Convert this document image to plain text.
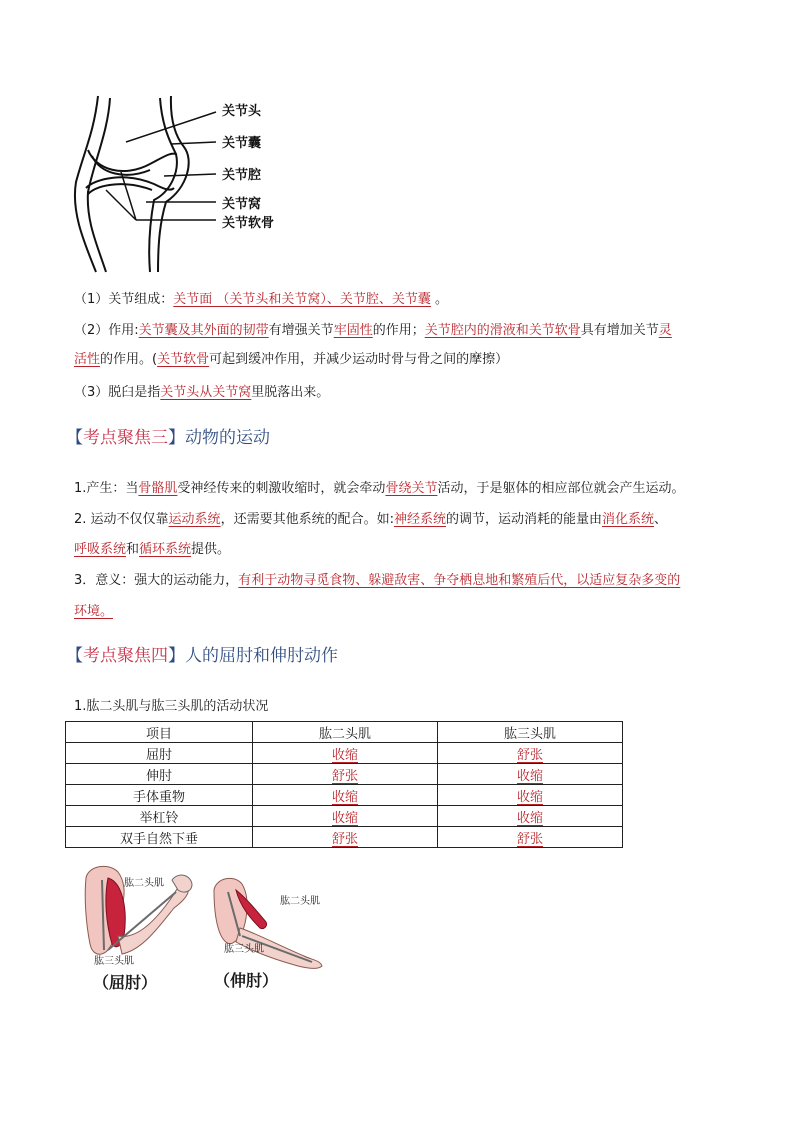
关节头
关节囊
关节腔
关节窝
关节软骨
（1）关节组成：关节面 （关节头和关节窝）、关节腔、关节囊 。
（2）作用:关节囊及其外面的韧带有增强关节牢固性的作用；关节腔内的滑液和关节软骨具有增加关节灵
活性的作用。(关节软骨可起到缓冲作用，并减少运动时骨与骨之间的摩擦）
（3）脱臼是指关节头从关节窝里脱落出来。
【考点聚焦三】动物的运动
1.产生：当骨骼肌受神经传来的刺激收缩时，就会牵动骨绕关节活动，于是躯体的相应部位就会产生运动。
2. 运动不仅仅靠运动系统，还需要其他系统的配合。如:神经系统的调节，运动消耗的能量由消化系统、
呼吸系统和循环系统提供。
3．意义：强大的运动能力，有利于动物寻觅食物、躲避敌害、争夺栖息地和繁殖后代，以适应复杂多变的
环境。
【考点聚焦四】人的屈肘和伸肘动作
1.肱二头肌与肱三头肌的活动状况
项目	肱二头肌	肱三头肌
屈肘	收缩	舒张
伸肘	舒张	收缩
手体重物	收缩	收缩
举杠铃	收缩	收缩
双手自然下垂	舒张	舒张
肱二头肌
肱三头肌
（屈肘）
肱二头肌
肱三头肌
（伸肘）
